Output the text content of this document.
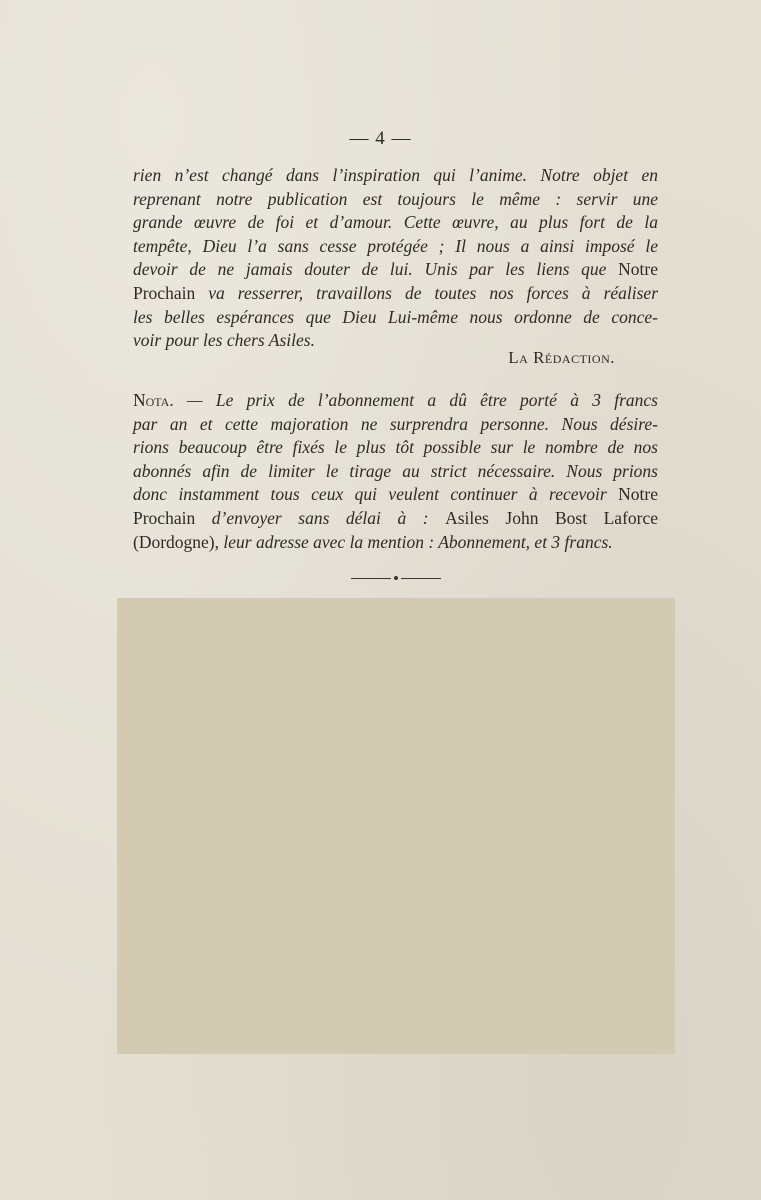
— 4 —
rien n’est changé dans l’inspiration qui l’anime. Notre objet en
reprenant notre publication est toujours le même : servir une
grande œuvre de foi et d’amour. Cette œuvre, au plus fort de la
tempête, Dieu l’a sans cesse protégée ; Il nous a ainsi imposé le
devoir de ne jamais douter de lui. Unis par les liens que Notre
Prochain va resserrer, travaillons de toutes nos forces à réaliser
les belles espérances que Dieu Lui-même nous ordonne de conce-
voir pour les chers Asiles.
La Rédaction.
Nota. — Le prix de l’abonnement a dû être porté à 3 francs
par an et cette majoration ne surprendra personne. Nous désire-
rions beaucoup être fixés le plus tôt possible sur le nombre de nos
abonnés afin de limiter le tirage au strict nécessaire. Nous prions
donc instamment tous ceux qui veulent continuer à recevoir Notre
Prochain d’envoyer sans délai à : Asiles John Bost Laforce
(Dordogne), leur adresse avec la mention : Abonnement, et 3 francs.
